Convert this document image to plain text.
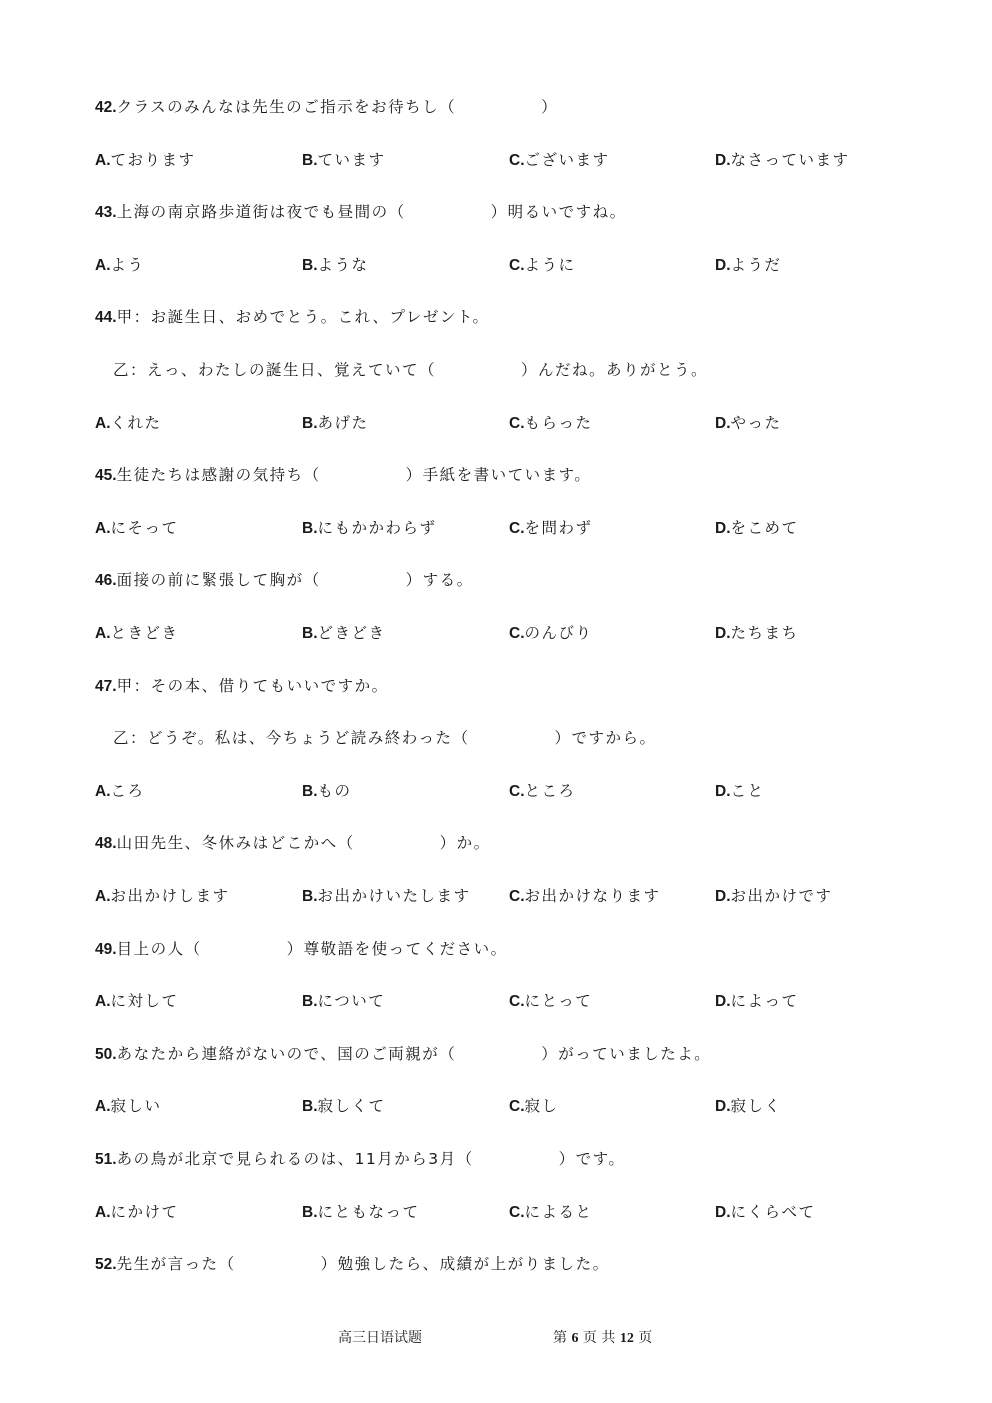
42.クラスのみんなは先生のご指示をお待ちし（　　　　　）
A.ております	B.ています	C.ございます	D.なさっています
43.上海の南京路歩道街は夜でも昼間の（　　　　　）明るいですね。
A.よう	B.ような	C.ように	D.ようだ
44.甲：お誕生日、おめでとう。これ、プレゼント。
乙：えっ、わたしの誕生日、覚えていて（　　　　　）んだね。ありがとう。
A.くれた	B.あげた	C.もらった	D.やった
45.生徒たちは感謝の気持ち（　　　　　）手紙を書いています。
A.にそって	B.にもかかわらず	C.を問わず	D.をこめて
46.面接の前に緊張して胸が（　　　　　）する。
A.ときどき	B.どきどき	C.のんびり	D.たちまち
47.甲：その本、借りてもいいですか。
乙：どうぞ。私は、今ちょうど読み終わった（　　　　　）ですから。
A.ころ	B.もの	C.ところ	D.こと
48.山田先生、冬休みはどこかへ（　　　　　）か。
A.お出かけします	B.お出かけいたします C.お出かけなります	D.お出かけです
49.目上の人（　　　　　）尊敬語を使ってください。
A.に対して	B.について	C.にとって	D.によって
50.あなたから連絡がないので、国のご両親が（　　　　　）がっていましたよ。
A.寂しい	B.寂しくて	C.寂し	D.寂しく
51.あの鳥が北京で見られるのは、11月から3月（　　　　　）です。
A.にかけて	B.にともなって	C.によると	D.にくらべて
52.先生が言った（　　　　　）勉強したら、成績が上がりました。
高三日语试题	第 6 页 共 12 页
